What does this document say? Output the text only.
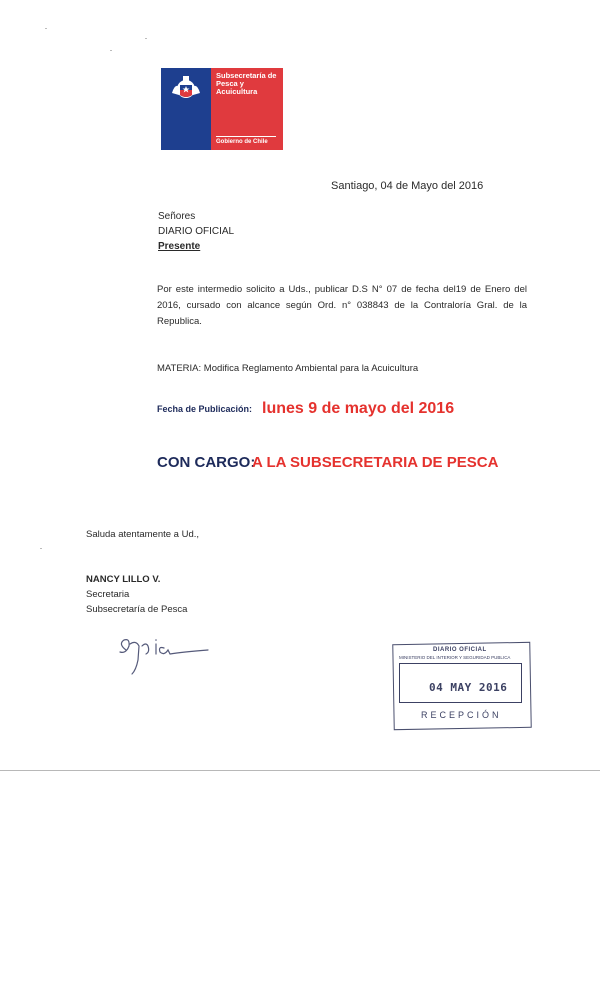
Subsecretaría de Pesca y Acuicultura
Gobierno de Chile
Santiago, 04 de Mayo del 2016
Señores
DIARIO OFICIAL
Presente
Por este intermedio solicito a Uds., publicar D.S N° 07 de fecha del19 de Enero del 2016, cursado con alcance según Ord. n° 038843 de la Contraloría Gral. de la Republica.
MATERIA: Modifica Reglamento Ambiental para la Acuicultura
Fecha de Publicación: lunes 9 de mayo del 2016
CON CARGO:
A LA SUBSECRETARIA DE PESCA
Saluda atentamente a Ud.,
NANCY LILLO V.
Secretaria
Subsecretaría de Pesca
DIARIO OFICIAL
MINISTERIO DEL INTERIOR Y SEGURIDAD PUBLICA
04 MAY 2016
RECEPCIÓN
